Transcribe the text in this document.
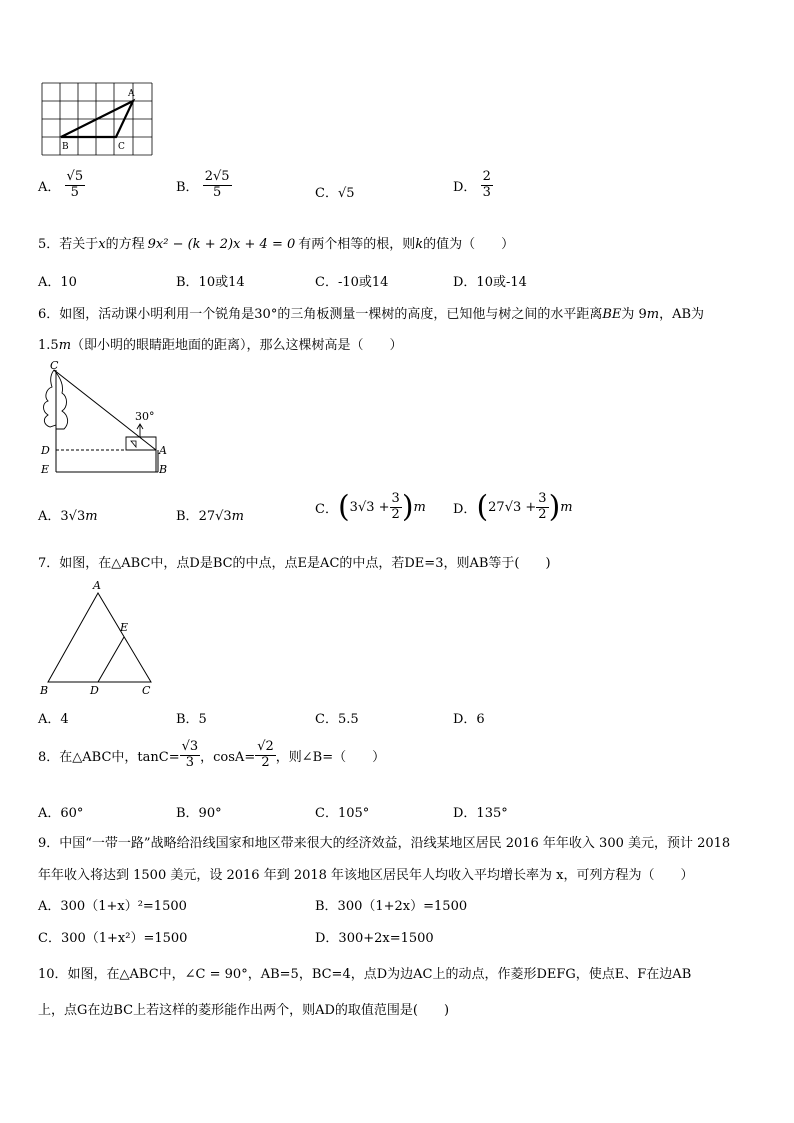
A
B	C
A． $\frac{√5}{5}$	B． $\frac{2√5}{5}$	C．√5	D． $\frac{2}{3}$
5．若关于x的方程 9x² − (k + 2)x + 4 = 0 有两个相等的根，则k的值为（　　）
A．10	B．10或14	C．-10或14	D．10或-14
6．如图，活动课小明利用一个锐角是30°的三角板测量一棵树的高度，已知他与树之间的水平距离BE为 9m，AB为
1.5m（即小明的眼睛距地面的距离），那么这棵树高是（　　）
30°
C
D
E
A
B
A．3√3m	B．27√3m	C．$(3√3 + \frac{3}{2} )m$ D．$(27√3 + \frac{3}{2} )m$
7．如图，在△ABC中，点D是BC的中点，点E是AC的中点，若DE=3，则AB等于(　　)
A
E
B	D	C
A．4	B．5	C．5.5	D．6
8．在△ABC中，$\tan C= \frac{√3}{3}$ ，$\cos A= \frac{√2}{2}$ ，则∠B=（　　）
A．60°	B．90°	C．105°	D．135°
9．中国“一带一路”战略给沿线国家和地区带来很大的经济效益，沿线某地区居民 2016 年年收入 300 美元，预计 2018
年年收入将达到 1500 美元，设 2016 年到 2018 年该地区居民年人均收入平均增长率为 x，可列方程为（　　）
A．300（1+x）²=1500	B．300（1+2x）=1500
C．300（1+x²）=1500	D．300+2x=1500
10．如图，在△ABC中，∠C = 90°，AB=5，BC=4，点D为边AC上的动点，作菱形DEFG，使点E、F在边AB
上，点G在边BC上若这样的菱形能作出两个，则AD的取值范围是(　　)
